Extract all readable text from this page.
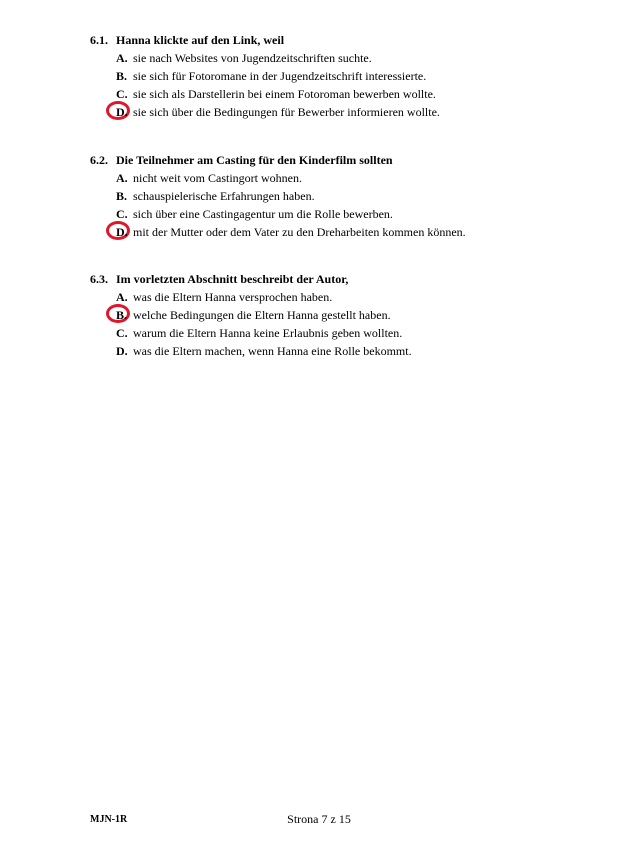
6.1. Hanna klickte auf den Link, weil
A. sie nach Websites von Jugendzeitschriften suchte.
B. sie sich für Fotoromane in der Jugendzeitschrift interessierte.
C. sie sich als Darstellerin bei einem Fotoroman bewerben wollte.
D. sie sich über die Bedingungen für Bewerber informieren wollte.
6.2. Die Teilnehmer am Casting für den Kinderfilm sollten
A. nicht weit vom Castingort wohnen.
B. schauspielerische Erfahrungen haben.
C. sich über eine Castingagentur um die Rolle bewerben.
D. mit der Mutter oder dem Vater zu den Dreharbeiten kommen können.
6.3. Im vorletzten Abschnitt beschreibt der Autor,
A. was die Eltern Hanna versprochen haben.
B. welche Bedingungen die Eltern Hanna gestellt haben.
C. warum die Eltern Hanna keine Erlaubnis geben wollten.
D. was die Eltern machen, wenn Hanna eine Rolle bekommt.
MJN-1R	Strona 7 z 15
